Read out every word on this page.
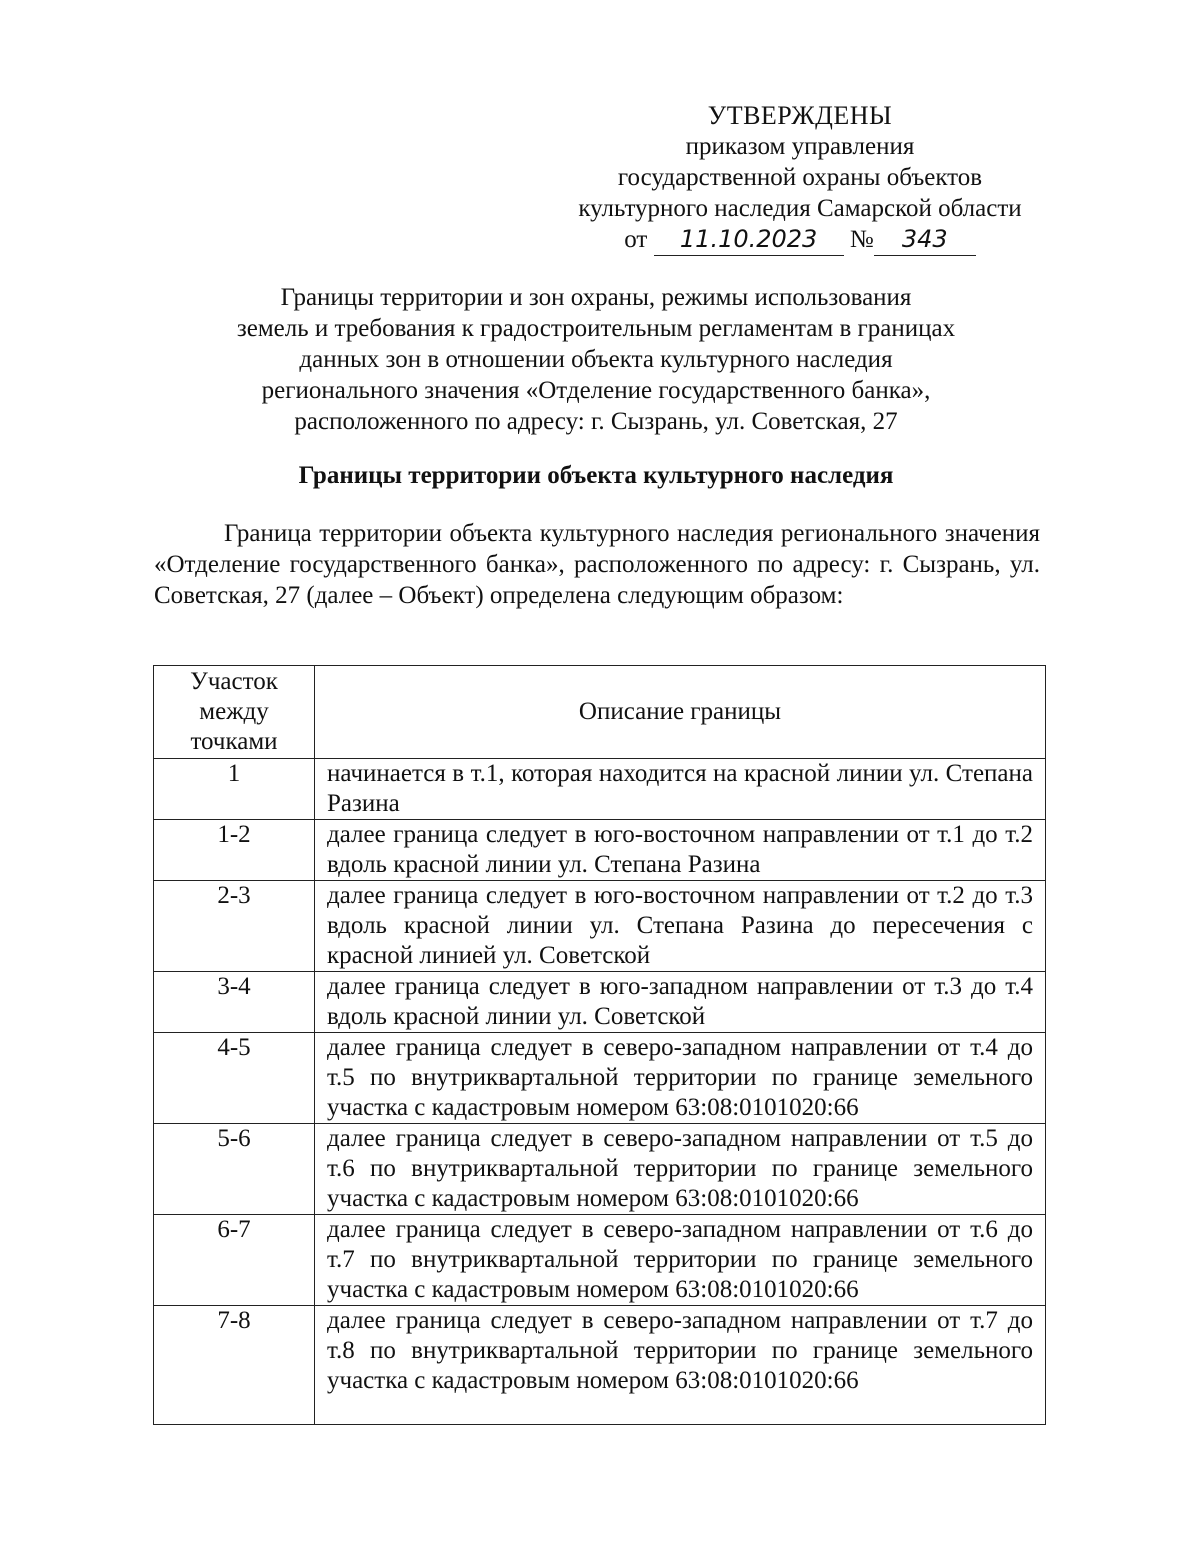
УТВЕРЖДЕНЫ
приказом управления
государственной охраны объектов
культурного наследия Самарской области
от 11.10.2023 № 343
Границы территории и зон охраны, режимы использования
земель и требования к градостроительным регламентам в границах
данных зон в отношении объекта культурного наследия
регионального значения «Отделение государственного банка»,
расположенного по адресу: г. Сызрань, ул. Советская, 27
Границы территории объекта культурного наследия
Граница территории объекта культурного наследия регионального значения «Отделение государственного банка», расположенного по адресу: г. Сызрань, ул. Советская, 27 (далее – Объект) определена следующим образом:
Участок
между
точками	Описание границы
1	начинается в т.1, которая находится на красной линии ул. Степана Разина
1-2	далее граница следует в юго-восточном направлении от т.1 до т.2 вдоль красной линии ул. Степана Разина
2-3	далее граница следует в юго-восточном направлении от т.2 до т.3 вдоль красной линии ул. Степана Разина до пересечения с красной линией ул. Советской
3-4	далее граница следует в юго-западном направлении от т.3 до т.4 вдоль красной линии ул. Советской
4-5	далее граница следует в северо-западном направлении от т.4 до т.5 по внутриквартальной территории по границе земельного участка с кадастровым номером 63:08:0101020:66
5-6	далее граница следует в северо-западном направлении от т.5 до т.6 по внутриквартальной территории по границе земельного участка с кадастровым номером 63:08:0101020:66
6-7	далее граница следует в северо-западном направлении от т.6 до т.7 по внутриквартальной территории по границе земельного участка с кадастровым номером 63:08:0101020:66
7-8	далее граница следует в северо-западном направлении от т.7 до т.8 по внутриквартальной территории по границе земельного участка с кадастровым номером 63:08:0101020:66
